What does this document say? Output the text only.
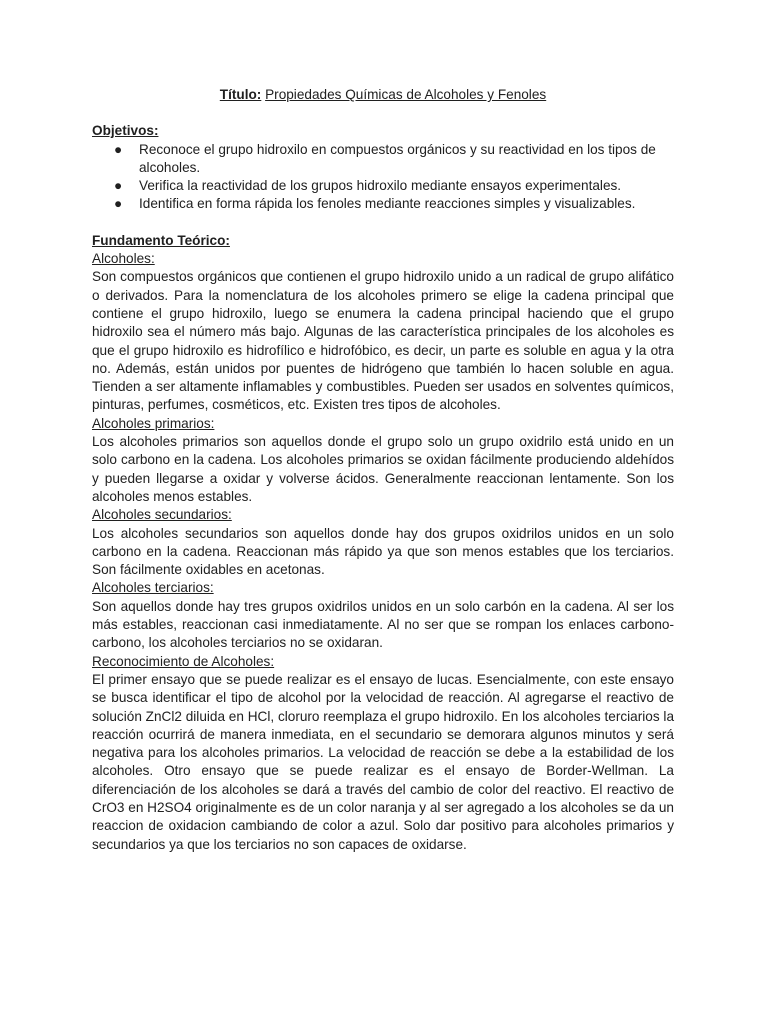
Título: Propiedades Químicas de Alcoholes y Fenoles

Objetivos:

● Reconoce el grupo hidroxilo en compuestos orgánicos y su reactividad en los tipos de alcoholes.
● Verifica la reactividad de los grupos hidroxilo mediante ensayos experimentales.
● Identifica en forma rápida los fenoles mediante reacciones simples y visualizables.

Fundamento Teórico:

Alcoholes:

Son compuestos orgánicos que contienen el grupo hidroxilo unido a un radical de grupo alifático o derivados. Para la nomenclatura de los alcoholes primero se elige la cadena principal que contiene el grupo hidroxilo, luego se enumera la cadena principal haciendo que el grupo hidroxilo sea el número más bajo. Algunas de las característica principales de los alcoholes es que el grupo hidroxilo es hidrofílico e hidrofóbico, es decir, un parte es soluble en agua y la otra no. Además, están unidos por puentes de hidrógeno que también lo hacen soluble en agua. Tienden a ser altamente inflamables y combustibles. Pueden ser usados en solventes químicos, pinturas, perfumes, cosméticos, etc. Existen tres tipos de alcoholes.

Alcoholes primarios:

Los alcoholes primarios son aquellos donde el grupo solo un grupo oxidrilo está unido en un solo carbono en la cadena. Los alcoholes primarios se oxidan fácilmente produciendo aldehídos y pueden llegarse a oxidar y volverse ácidos. Generalmente reaccionan lentamente. Son los alcoholes menos estables.

Alcoholes secundarios:

Los alcoholes secundarios son aquellos donde hay dos grupos oxidrilos unidos en un solo carbono en la cadena. Reaccionan más rápido ya que son menos estables que los terciarios. Son fácilmente oxidables en acetonas.

Alcoholes terciarios:

Son aquellos donde hay tres grupos oxidrilos unidos en un solo carbón en la cadena. Al ser los más estables, reaccionan casi inmediatamente. Al no ser que se rompan los enlaces carbono-carbono, los alcoholes terciarios no se oxidaran.

Reconocimiento de Alcoholes:

El primer ensayo que se puede realizar es el ensayo de lucas. Esencialmente, con este ensayo se busca identificar el tipo de alcohol por la velocidad de reacción. Al agregarse el reactivo de solución ZnCl2 diluida en HCl, cloruro reemplaza el grupo hidroxilo. En los alcoholes terciarios la reacción ocurrirá de manera inmediata, en el secundario se demorara algunos minutos y será negativa para los alcoholes primarios. La velocidad de reacción se debe a la estabilidad de los alcoholes. Otro ensayo que se puede realizar es el ensayo de Border-Wellman. La diferenciación de los alcoholes se dará a través del cambio de color del reactivo. El reactivo de CrO3 en H2SO4 originalmente es de un color naranja y al ser agregado a los alcoholes se da un reaccion de oxidacion cambiando de color a azul. Solo dar positivo para alcoholes primarios y secundarios ya que los terciarios no son capaces de oxidarse.
